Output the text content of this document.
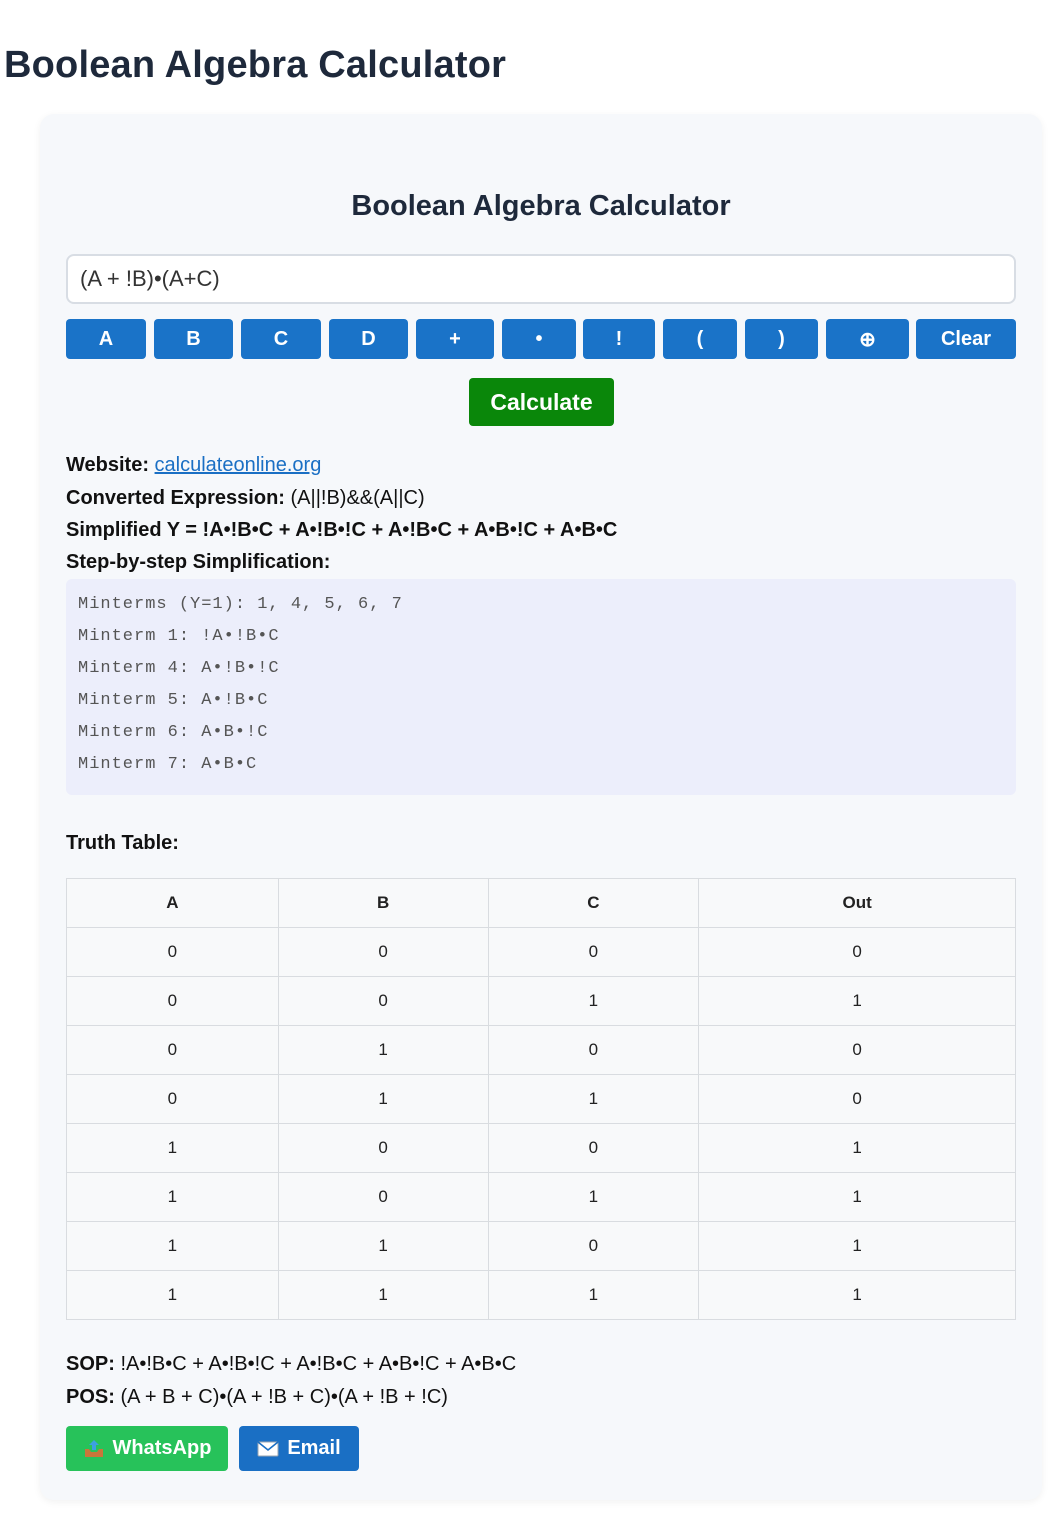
Boolean Algebra Calculator
Boolean Algebra Calculator
(A + !B)•(A+C)
A	B	C	D	+	•	!	(	)	⊕	Clear
Calculate
Website: calculateonline.org
Converted Expression: (A||!B)&&(A||C)
Simplified Y = !A•!B•C + A•!B•!C + A•!B•C + A•B•!C + A•B•C
Step-by-step Simplification:
Minterms (Y=1): 1, 4, 5, 6, 7
Minterm 1: !A•!B•C
Minterm 4: A•!B•!C
Minterm 5: A•!B•C
Minterm 6: A•B•!C
Minterm 7: A•B•C
Truth Table:
A	B	C	Out
0	0	0	0
0	0	1	1
0	1	0	0
0	1	1	0
1	0	0	1
1	0	1	1
1	1	0	1
1	1	1	1
SOP: !A•!B•C + A•!B•!C + A•!B•C + A•B•!C + A•B•C
POS: (A + B + C)•(A + !B + C)•(A + !B + !C)
WhatsApp	Email
